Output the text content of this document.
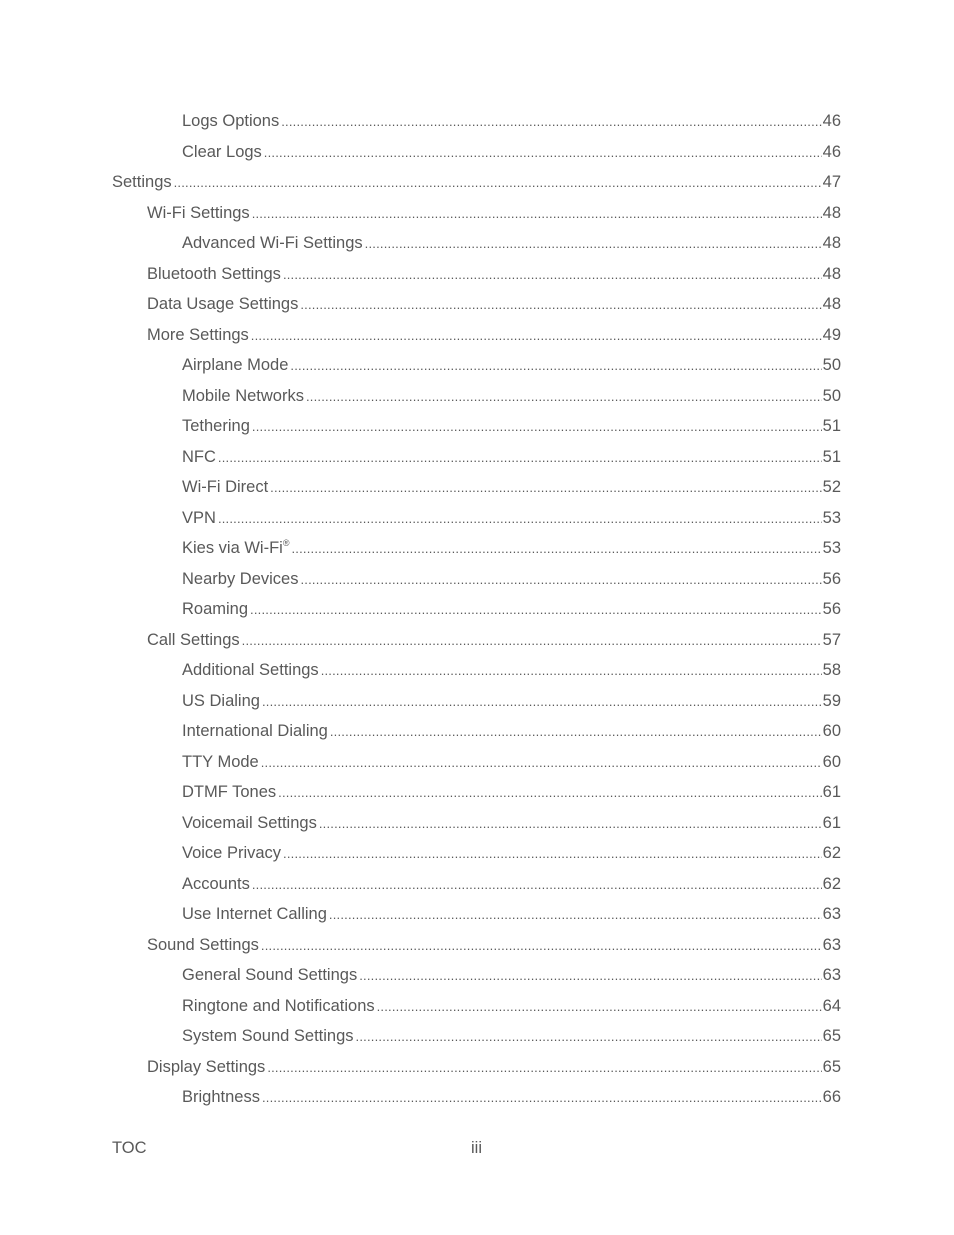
Logs Options .....	46
Clear Logs .....	46
Settings .....	47
Wi-Fi Settings .....	48
Advanced Wi-Fi Settings .....	48
Bluetooth Settings .....	48
Data Usage Settings .....	48
More Settings .....	49
Airplane Mode .....	50
Mobile Networks .....	50
Tethering .....	51
NFC .....	51
Wi-Fi Direct .....	52
VPN .....	53
Kies via Wi-Fi® .....	53
Nearby Devices .....	56
Roaming .....	56
Call Settings .....	57
Additional Settings .....	58
US Dialing .....	59
International Dialing .....	60
TTY Mode .....	60
DTMF Tones .....	61
Voicemail Settings .....	61
Voice Privacy .....	62
Accounts .....	62
Use Internet Calling .....	63
Sound Settings .....	63
General Sound Settings .....	63
Ringtone and Notifications .....	64
System Sound Settings .....	65
Display Settings .....	65
Brightness .....	66
TOC	iii
